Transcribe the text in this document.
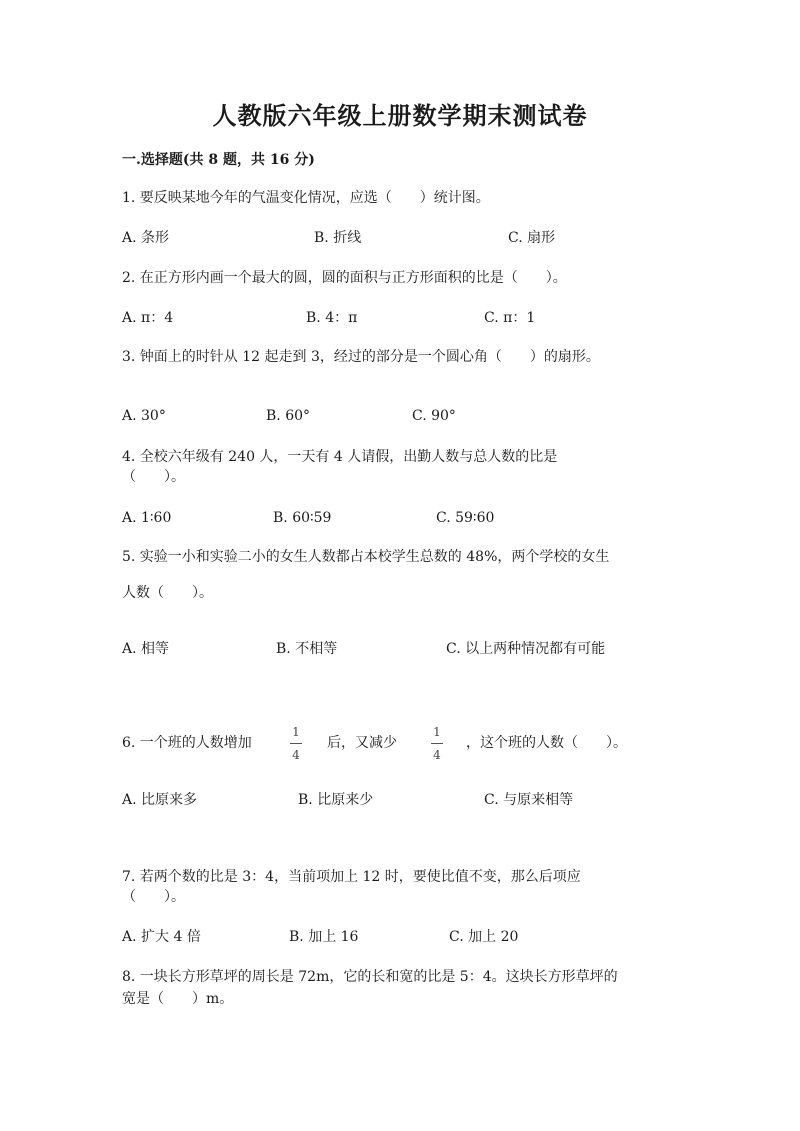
人教版六年级上册数学期末测试卷
一.选择题(共 8 题，共 16 分)
1. 要反映某地今年的气温变化情况，应选（　　）统计图。
A. 条形	B. 折线	C. 扇形
2. 在正方形内画一个最大的圆，圆的面积与正方形面积的比是（　　）。
A. π：4	B. 4：π	C. π：1
3. 钟面上的时针从 12 起走到 3，经过的部分是一个圆心角（　　）的扇形。
A. 30°	B. 60°	C. 90°
4. 全校六年级有 240 人，一天有 4 人请假，出勤人数与总人数的比是
（　　）。
A. 1∶60	B. 60∶59	C. 59∶60
5. 实验一小和实验二小的女生人数都占本校学生总数的 48%，两个学校的女生
人数（　　）。
A. 相等	B. 不相等	C. 以上两种情况都有可能
6. 一个班的人数增加
1
4
后，又减少
1
4
，这个班的人数（　　）。
A. 比原来多	B. 比原来少	C. 与原来相等
7. 若两个数的比是 3：4，当前项加上 12 时，要使比值不变，那么后项应
（　　）。
A. 扩大 4 倍	B. 加上 16	C. 加上 20
8. 一块长方形草坪的周长是 72m，它的长和宽的比是 5：4。这块长方形草坪的
宽是（　　）m。
